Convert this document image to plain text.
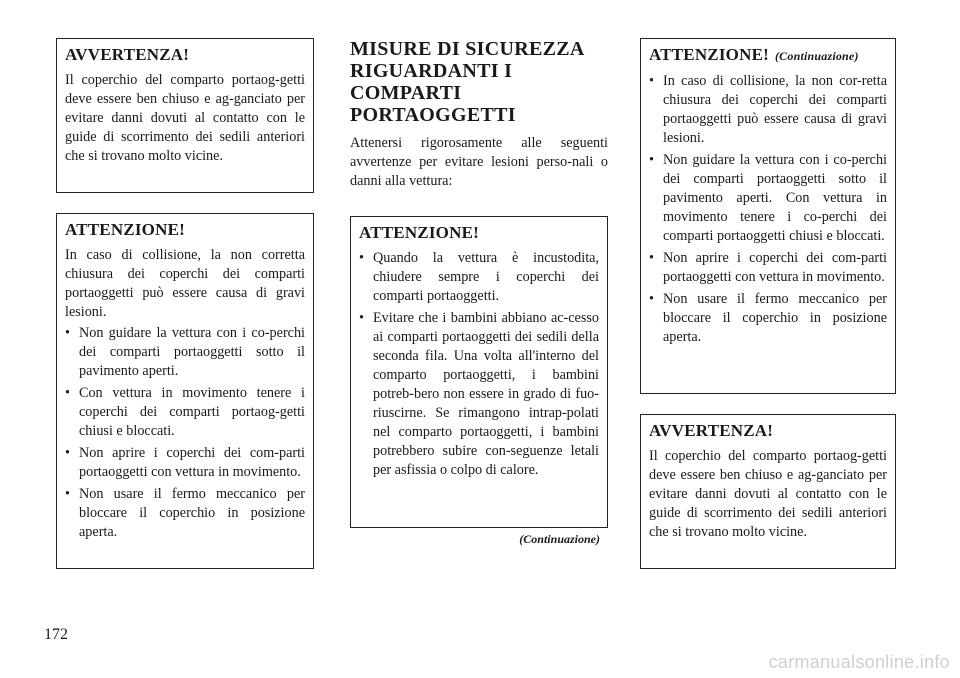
AVVERTENZA!

Il coperchio del comparto portaog-getti deve essere ben chiuso e ag-ganciato per evitare danni dovuti al contatto con le guide di scorrimento dei sedili anteriori che si trovano molto vicine.

ATTENZIONE!

In caso di collisione, la non corretta chiusura dei coperchi dei comparti portaoggetti può essere causa di gravi lesioni.

• Non guidare la vettura con i co-perchi dei comparti portaoggetti sotto il pavimento aperti.
• Con vettura in movimento tenere i coperchi dei comparti portaog-getti chiusi e bloccati.
• Non aprire i coperchi dei com-parti portaoggetti con vettura in movimento.
• Non usare il fermo meccanico per bloccare il coperchio in posizione aperta.
MISURE DI SICUREZZA
RIGUARDANTI I
COMPARTI
PORTAOGGETTI

Attenersi rigorosamente alle seguenti avvertenze per evitare lesioni perso-nali o danni alla vettura:

ATTENZIONE!
• Quando la vettura è incustodita, chiudere sempre i coperchi dei comparti portaoggetti.
• Evitare che i bambini abbiano ac-cesso ai comparti portaoggetti dei sedili della seconda fila. Una volta all'interno del comparto portaoggetti, i bambini potreb-bero non essere in grado di fuo-riuscirne. Se rimangono intrap-polati nel comparto portaoggetti, i bambini potrebbero subire con-seguenze letali per asfissia o colpo di calore.
(Continuazione)
ATTENZIONE! (Continuazione)
• In caso di collisione, la non cor-retta chiusura dei coperchi dei comparti portaoggetti può essere causa di gravi lesioni.
• Non guidare la vettura con i co-perchi dei comparti portaoggetti sotto il pavimento aperti. Con vettura in movimento tenere i co-perchi dei comparti portaoggetti chiusi e bloccati.
• Non aprire i coperchi dei com-parti portaoggetti con vettura in movimento.
• Non usare il fermo meccanico per bloccare il coperchio in posizione aperta.
AVVERTENZA!

Il coperchio del comparto portaog-getti deve essere ben chiuso e ag-ganciato per evitare danni dovuti al contatto con le guide di scorrimento dei sedili anteriori che si trovano molto vicine.

172
carmanualsonline.info
